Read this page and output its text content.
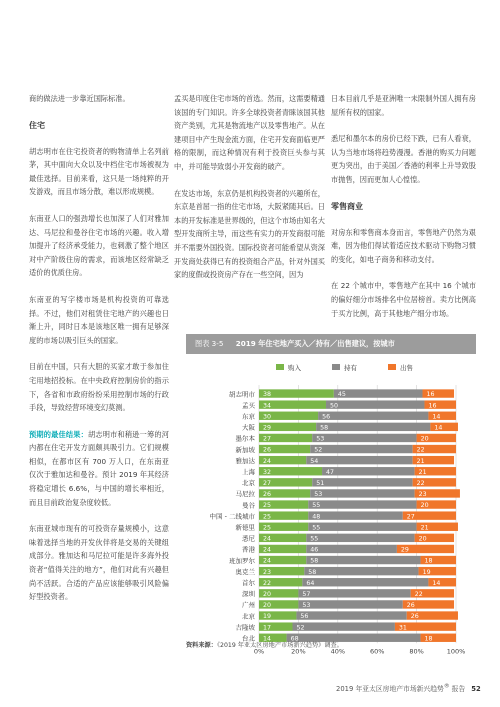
商的做法进一步靠近国际标准。

住宅

胡志明市在住宅投资者的购物清单上名列前茅，其中面向大众以及中档住宅市场被视为最佳选择。目前来看，这只是一场纯粹的开发游戏，而且市场分散，难以形成规模。

东南亚人口的强劲增长也加深了人们对雅加达、马尼拉和曼谷住宅市场的兴趣。收入增加提升了经济承受能力，也刺激了整个地区对中产阶级住房的需求，而该地区经常缺乏适价的优质住房。

东南亚的写字楼市场是机构投资的可靠选择。不过，他们对租赁住宅地产的兴趣也日渐上升，同时日本是该地区唯一拥有足够深度的市场以吸引巨头的国家。

目前在中国，只有大胆的买家才敢于参加住宅用地招投标。在中央政府控制房价的指示下，各省和市政府纷纷采用控制市场的行政手段，导致经营环境变幻莫测。

预期的最佳结果：胡志明市和稍逊一筹的河内都在住宅开发方面颇具吸引力。它们规模相似，在都市区有 700 万人口，在东南亚仅次于雅加达和曼谷。预计 2019 年其经济将稳定增长 6.6%，与中国的增长率相近，而且目前政治复杂度较低。

东南亚城市现有的可投资存量规模小，这意味着选择当地的开发伙伴将是交易的关键组成部分。雅加达和马尼拉可能是许多海外投资者“值得关注的地方”，他们对此有兴趣但尚不活跃。合适的产品应该能够吸引风险偏好型投资者。

孟买是印度住宅市场的首选。然而，这需要精通该国的专门知识。许多全球投资者青睐该国其他资产类别，尤其是物流地产以及零售地产。从在建项目中产生现金流方面，住宅开发商面临更严格的限制，而这种情况有利于投资巨头参与其中，并可能导致弱小开发商的破产。

在发达市场，东京仍是机构投资者的兴趣所在，东京是首屈一指的住宅市场，大阪紧随其后。日本的开发标准是世界级的，但这个市场由知名大型开发商所主导，而这些有实力的开发商很可能并不需要外国投资。国际投资者可能希望从资深开发商处获得已有的投资组合产品，针对外国买家的度假或投资房产存在一些空间，因为

日本目前几乎是亚洲唯一未限制外国人拥有房屋所有权的国家。

悉尼和墨尔本的房价已经下跌，已有人看衰，认为当地市场将趋势漫漫。香港的购买力问题更为突出，由于美国／香港的利率上升导致股市抛售，因而更加人心惶惶。

零售商业

对房东和零售商本身而言，零售地产仍然为艰难，因为他们得试着适应技术驱动下购物习惯的变化，如电子商务和移动支付。

在 22 个城市中，零售地产在其中 16 个城市的偏好细分市场排名中位居榜首。卖方比例高于买方比例，高于其他地产细分市场。

图表 3-5 2019 年住宅地产买入／持有／出售建议，按城市
购入	持有	出售
0%	20%	40%	60%	80%	100%
胡志明市 38	45	16
孟买 34	50	16
东京 30	56	14
大阪 29	58	14
墨尔本 27	53	20
新加坡 26	52	22
雅加达 24	54	21
上海 32	47	21
北京 27	51	22
马尼拉 26	53	23
曼谷 25	55	20
中国 - 二线城市 25	48	27
新德里 25	55	21
悉尼 24	55	20
香港 24	46	29
班加罗尔 24	58	18
奥克兰 23	58	19
首尔 22	64	14
深圳 20	57	22
广州 20	53	26
北京 19	56	26
吉隆坡 17	52	31
台北 14	68	18
资料来源：《2019 年亚太区房地产市场新兴趋势》调查。
2019 年亚太区房地产市场新兴趋势® 报告 52
